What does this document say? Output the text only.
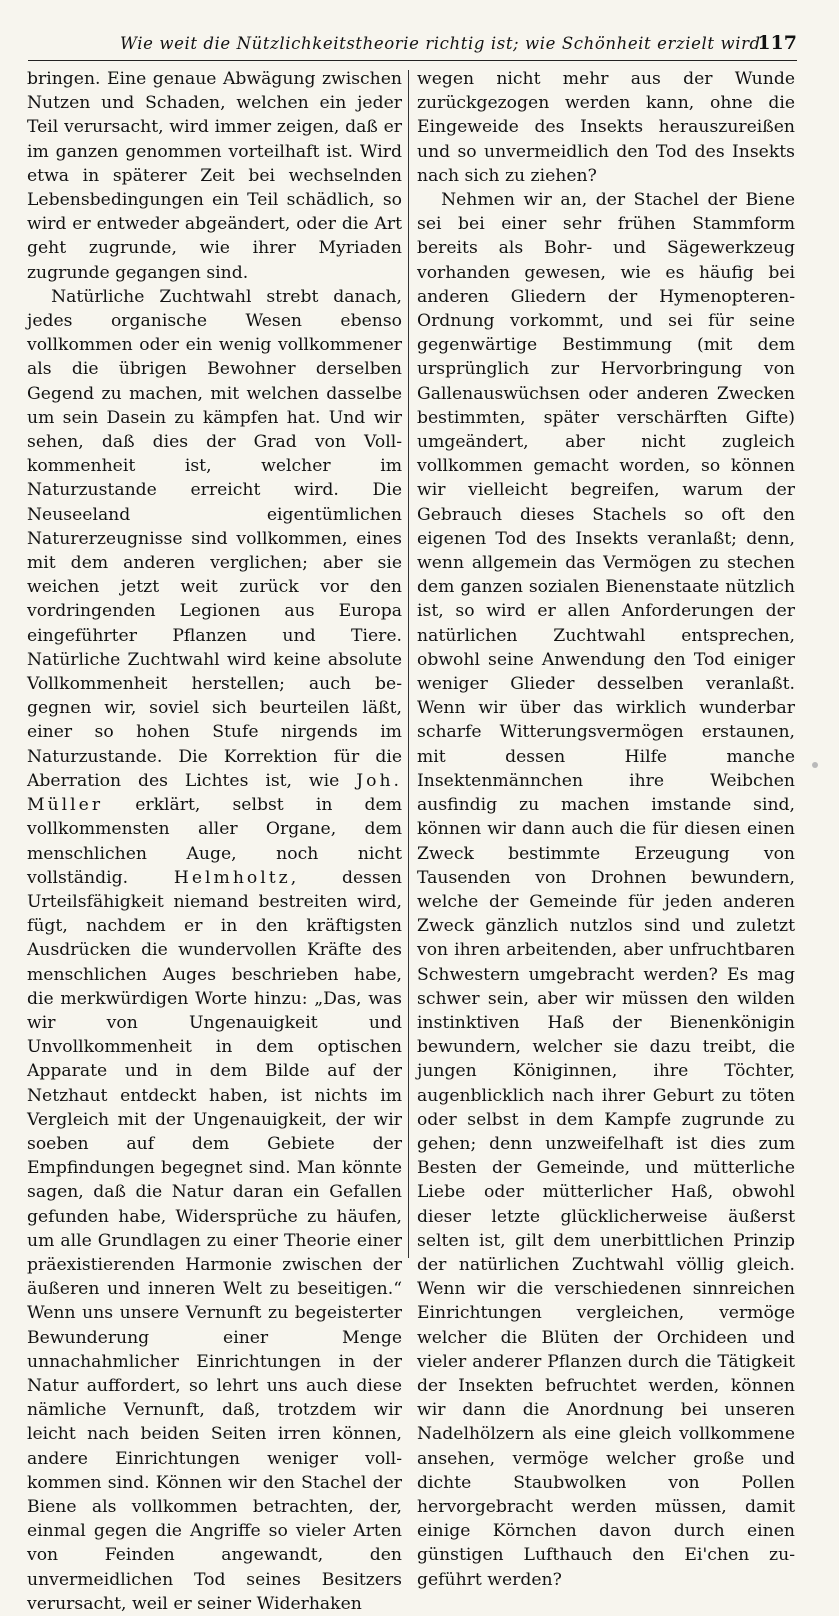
Wie weit die Nützlichkeitstheorie richtig ist; wie Schönheit erzielt wird.
117

bringen. Eine genaue Abwägung zwischen Nutzen und Schaden, welchen ein jeder Teil verursacht, wird immer zeigen, daß er im ganzen genommen vorteilhaft ist. Wird etwa in späterer Zeit bei wechselnden Lebensbedingungen ein Teil schädlich, so wird er entweder abgeändert, oder die Art geht zugrunde, wie ihrer Myriaden zugrunde gegangen sind.

Natürliche Zuchtwahl strebt danach, jedes organische Wesen ebenso vollkommen oder ein wenig vollkommener als die übrigen Bewohner derselben Gegend zu machen, mit welchen dasselbe um sein Dasein zu kämpfen hat. Und wir sehen, daß dies der Grad von Vollkommenheit ist, welcher im Naturzustande erreicht wird. Die Neuseeland eigentümlichen Naturerzeugnisse sind vollkommen, eines mit dem anderen verglichen; aber sie weichen jetzt weit zurück vor den vordringenden Legionen aus Europa eingeführter Pflanzen und Tiere. Natürliche Zuchtwahl wird keine absolute Vollkommenheit herstellen; auch begegnen wir, soviel sich beurteilen läßt, einer so hohen Stufe nirgends im Naturzustande. Die Korrektion für die Aberration des Lichtes ist, wie Joh. Müller erklärt, selbst in dem vollkommensten aller Organe, dem menschlichen Auge, noch nicht vollständig. Helmholtz, dessen Urteilsfähigkeit niemand bestreiten wird, fügt, nachdem er in den kräftigsten Ausdrücken die wundervollen Kräfte des menschlichen Auges beschrieben habe, die merkwürdigen Worte hinzu: „Das, was wir von Ungenauigkeit und Unvollkommenheit in dem optischen Apparate und in dem Bilde auf der Netzhaut entdeckt haben, ist nichts im Vergleich mit der Ungenauigkeit, der wir soeben auf dem Gebiete der Empfindungen begegnet sind. Man könnte sagen, daß die Natur daran ein Gefallen gefunden habe, Widersprüche zu häufen, um alle Grundlagen zu einer Theorie einer präexistierenden Harmonie zwischen der äußeren und inneren Welt zu beseitigen.“ Wenn uns unsere Vernunft zu begeisterter Bewunderung einer Menge unnachahmlicher Einrichtungen in der Natur auffordert, so lehrt uns auch diese nämliche Vernunft, daß, trotzdem wir leicht nach beiden Seiten irren können, andere Einrichtungen weniger vollkommen sind. Können wir den Stachel der Biene als vollkommen betrachten, der, einmal gegen die Angriffe so vieler Arten von Feinden angewandt, den unvermeidlichen Tod seines Besitzers verursacht, weil er seiner Widerhaken

wegen nicht mehr aus der Wunde zurückgezogen werden kann, ohne die Eingeweide des Insekts herauszureißen und so unvermeidlich den Tod des Insekts nach sich zu ziehen?

Nehmen wir an, der Stachel der Biene sei bei einer sehr frühen Stammform bereits als Bohr- und Sägewerkzeug vorhanden gewesen, wie es häufig bei anderen Gliedern der Hymenopteren-Ordnung vorkommt, und sei für seine gegenwärtige Bestimmung (mit dem ursprünglich zur Hervorbringung von Gallenauswüchsen oder anderen Zwecken bestimmten, später verschärften Gifte) umgeändert, aber nicht zugleich vollkommen gemacht worden, so können wir vielleicht begreifen, warum der Gebrauch dieses Stachels so oft den eigenen Tod des Insekts veranlaßt; denn, wenn allgemein das Vermögen zu stechen dem ganzen sozialen Bienenstaate nützlich ist, so wird er allen Anforderungen der natürlichen Zuchtwahl entsprechen, obwohl seine Anwendung den Tod einiger weniger Glieder desselben veranlaßt. Wenn wir über das wirklich wunderbar scharfe Witterungsvermögen erstaunen, mit dessen Hilfe manche Insektenmännchen ihre Weibchen ausfindig zu machen imstande sind, können wir dann auch die für diesen einen Zweck bestimmte Erzeugung von Tausenden von Drohnen bewundern, welche der Gemeinde für jeden anderen Zweck gänzlich nutzlos sind und zuletzt von ihren arbeitenden, aber unfruchtbaren Schwestern umgebracht werden? Es mag schwer sein, aber wir müssen den wilden instinktiven Haß der Bienenkönigin bewundern, welcher sie dazu treibt, die jungen Königinnen, ihre Töchter, augenblicklich nach ihrer Geburt zu töten oder selbst in dem Kampfe zugrunde zu gehen; denn unzweifelhaft ist dies zum Besten der Gemeinde, und mütterliche Liebe oder mütterlicher Haß, obwohl dieser letzte glücklicherweise äußerst selten ist, gilt dem unerbittlichen Prinzip der natürlichen Zuchtwahl völlig gleich. Wenn wir die verschiedenen sinnreichen Einrichtungen vergleichen, vermöge welcher die Blüten der Orchideen und vieler anderer Pflanzen durch die Tätigkeit der Insekten befruchtet werden, können wir dann die Anordnung bei unseren Nadelhölzern als eine gleich vollkommene ansehen, vermöge welcher große und dichte Staubwolken von Pollen hervorgebracht werden müssen, damit einige Körnchen davon durch einen günstigen Lufthauch den Ei'chen zugeführt werden?
